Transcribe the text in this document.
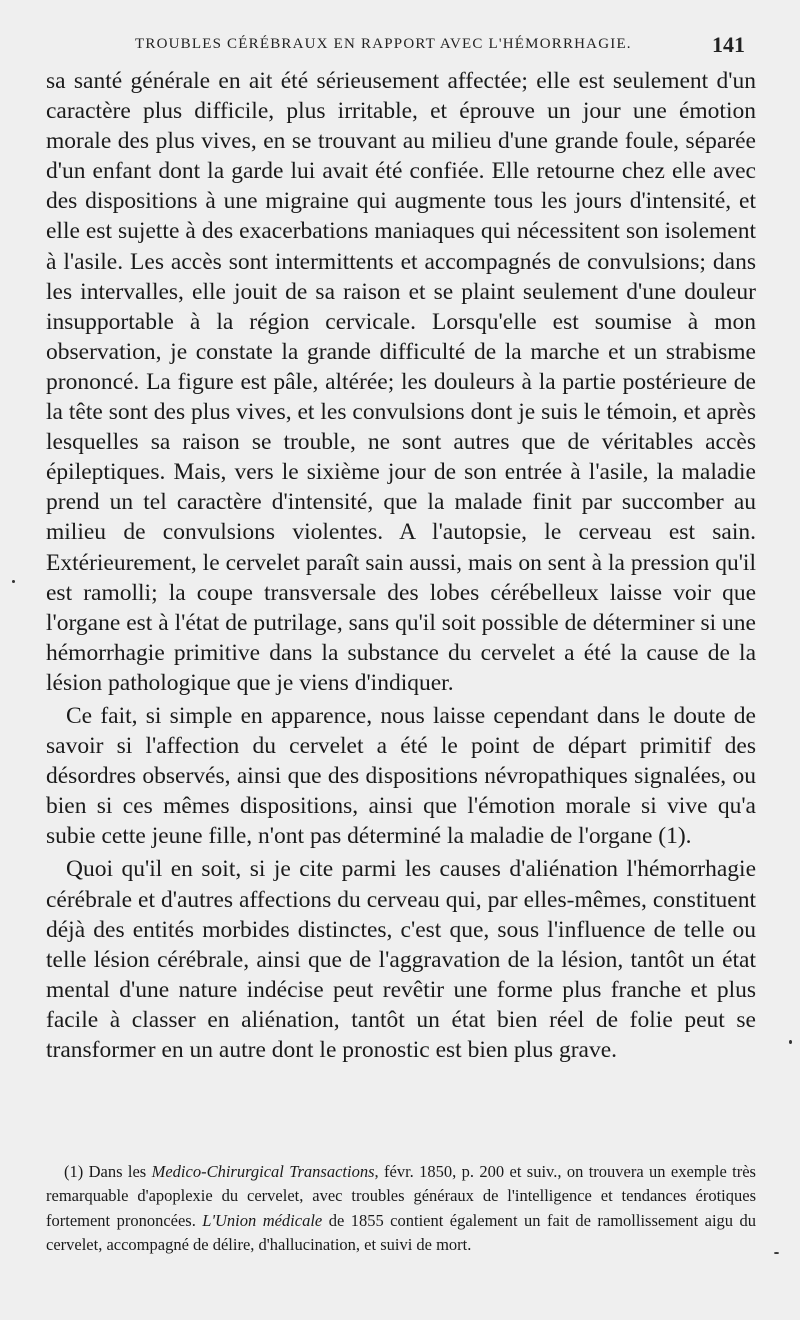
TROUBLES CÉRÉBRAUX EN RAPPORT AVEC L'HÉMORRHAGIE.	141

sa santé générale en ait été sérieusement affectée; elle est seulement d'un caractère plus difficile, plus irritable, et éprouve un jour une émotion morale des plus vives, en se trouvant au milieu d'une grande foule, séparée d'un enfant dont la garde lui avait été confiée. Elle retourne chez elle avec des dispositions à une migraine qui augmente tous les jours d'intensité, et elle est sujette à des exacerbations maniaques qui nécessitent son isolement à l'asile. Les accès sont intermittents et accompagnés de convulsions; dans les intervalles, elle jouit de sa raison et se plaint seulement d'une douleur insupportable à la région cervicale. Lorsqu'elle est soumise à mon observation, je constate la grande difficulté de la marche et un strabisme prononcé. La figure est pâle, altérée; les douleurs à la partie postérieure de la tête sont des plus vives, et les convulsions dont je suis le témoin, et après lesquelles sa raison se trouble, ne sont autres que de véritables accès épileptiques. Mais, vers le sixième jour de son entrée à l'asile, la maladie prend un tel caractère d'intensité, que la malade finit par succomber au milieu de convulsions violentes. A l'autopsie, le cerveau est sain. Extérieurement, le cervelet paraît sain aussi, mais on sent à la pression qu'il est ramolli; la coupe transversale des lobes cérébelleux laisse voir que l'organe est à l'état de putrilage, sans qu'il soit possible de déterminer si une hémorrhagie primitive dans la substance du cervelet a été la cause de la lésion pathologique que je viens d'indiquer.

Ce fait, si simple en apparence, nous laisse cependant dans le doute de savoir si l'affection du cervelet a été le point de départ primitif des désordres observés, ainsi que des dispositions névropathiques signalées, ou bien si ces mêmes dispositions, ainsi que l'émotion morale si vive qu'a subie cette jeune fille, n'ont pas déterminé la maladie de l'organe (1).

Quoi qu'il en soit, si je cite parmi les causes d'aliénation l'hémorrhagie cérébrale et d'autres affections du cerveau qui, par elles-mêmes, constituent déjà des entités morbides distinctes, c'est que, sous l'influence de telle ou telle lésion cérébrale, ainsi que de l'aggravation de la lésion, tantôt un état mental d'une nature indécise peut revêtir une forme plus franche et plus facile à classer en aliénation, tantôt un état bien réel de folie peut se transformer en un autre dont le pronostic est bien plus grave.

(1) Dans les Medico-Chirurgical Transactions, févr. 1850, p. 200 et suiv., on trouvera un exemple très remarquable d'apoplexie du cervelet, avec troubles généraux de l'intelligence et tendances érotiques fortement prononcées. L'Union médicale de 1855 contient également un fait de ramollissement aigu du cervelet, accompagné de délire, d'hallucination, et suivi de mort.
